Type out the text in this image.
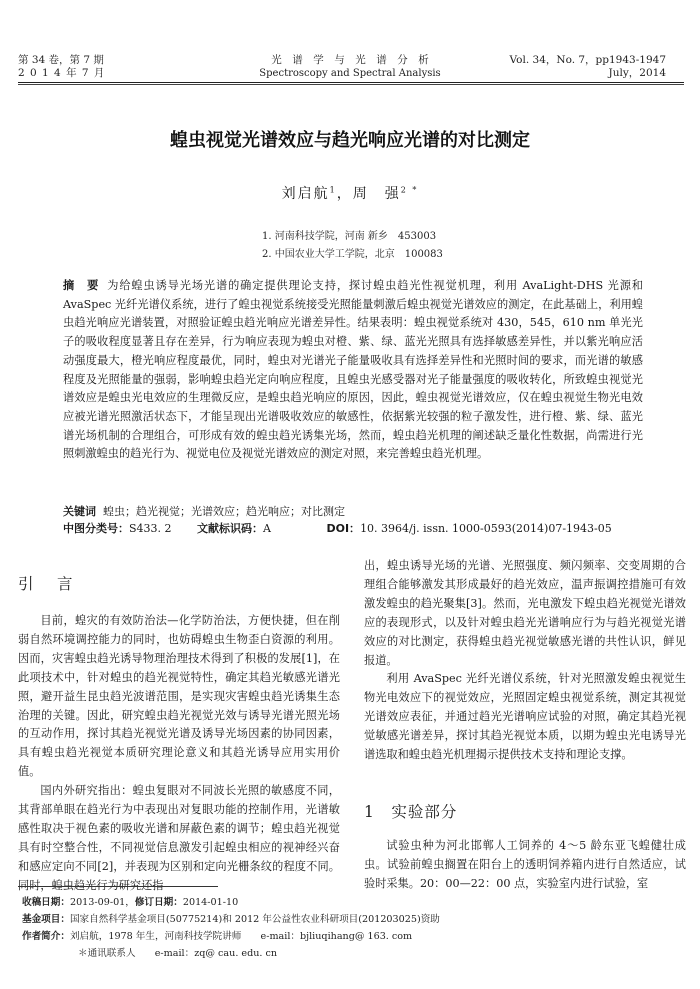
第 34 卷，第 7 期
2 0 1 4 年 7 月
光　谱　学　与　光　谱　分　析
Spectroscopy and Spectral Analysis
Vol. 34，No. 7，pp1943-1947
July，2014
蝗虫视觉光谱效应与趋光响应光谱的对比测定
刘启航$^1$，周　强$^{2 *}$
1. 河南科技学院，河南 新乡　453003
2. 中国农业大学工学院，北京　100083
摘　要 为给蝗虫诱导光场光谱的确定提供理论支持，探讨蝗虫趋光性视觉机理，利用 AvaLight-DHS 光源和 AvaSpec 光纤光谱仪系统，进行了蝗虫视觉系统接受光照能量刺激后蝗虫视觉光谱效应的测定，在此基础上，利用蝗虫趋光响应光谱装置，对照验证蝗虫趋光响应光谱差异性。结果表明：蝗虫视觉系统对 430，545，610 nm 单光光子的吸收程度显著且存在差异，行为响应表现为蝗虫对橙、紫、绿、蓝光光照具有选择敏感差异性，并以紫光响应活动强度最大，橙光响应程度最优，同时，蝗虫对光谱光子能量吸收具有选择差异性和光照时间的要求，而光谱的敏感程度及光照能量的强弱，影响蝗虫趋光定向响应程度，且蝗虫光感受器对光子能量强度的吸收转化，所致蝗虫视觉光谱效应是蝗虫光电效应的生理微反应，是蝗虫趋光响应的原因，因此，蝗虫视觉光谱效应，仅在蝗虫视觉生物光电效应被光谱光照激活状态下，才能呈现出光谱吸收效应的敏感性，依据紫光较强的粒子激发性，进行橙、紫、绿、蓝光谱光场机制的合理组合，可形成有效的蝗虫趋光诱集光场，然而，蝗虫趋光机理的阐述缺乏量化性数据，尚需进行光照刺激蝗虫的趋光行为、视觉电位及视觉光谱效应的测定对照，来完善蝗虫趋光机理。
关键词 蝗虫；趋光视觉；光谱效应；趋光响应；对比测定
中图分类号：S433. 2 文献标识码：A	DOI：10. 3964/j. issn. 1000-0593(2014)07-1943-05
引　言

目前，蝗灾的有效防治法—化学防治法，方便快捷，但在削弱自然环境调控能力的同时，也妨碍蝗虫生物歪白资源的利用。因而，灾害蝗虫趋光诱导物理治理技术得到了积极的发展[1]，在此项技术中，针对蝗虫的趋光视觉特性，确定其趋光敏感光谱光照，避开益生昆虫趋光波谱范围，是实现灾害蝗虫趋光诱集生态治理的关键。因此，研究蝗虫趋光视觉光效与诱导光谱光照光场的互动作用，探讨其趋光视觉光谱及诱导光场因素的协同因素，具有蝗虫趋光视觉本质研究理论意义和其趋光诱导应用实用价值。

国内外研究指出：蝗虫复眼对不同波长光照的敏感度不同，其背部单眼在趋光行为中表现出对复眼功能的控制作用，光谱敏感性取决于视色素的吸收光谱和屏蔽色素的调节；蝗虫趋光视觉具有时空整合性，不同视觉信息激发引起蝗虫相应的视神经兴奋和感应定向不同[2]，并表现为区别和定向光栅条纹的程度不同。同时，蝗虫趋光行为研究还指

出，蝗虫诱导光场的光谱、光照强度、频闪频率、交变周期的合理组合能够激发其形成最好的趋光效应，温声振调控措施可有效激发蝗虫的趋光聚集[3]。然而，光电激发下蝗虫趋光视觉光谱效应的表现形式，以及针对蝗虫趋光光谱响应行为与趋光视觉光谱效应的对比测定，获得蝗虫趋光视觉敏感光谱的共性认识，鲜见报道。

利用 AvaSpec 光纤光谱仪系统，针对光照激发蝗虫视觉生物光电效应下的视觉效应，光照固定蝗虫视觉系统，测定其视觉光谱效应表征，并通过趋光光谱响应试验的对照，确定其趋光视觉敏感光谱差异，探讨其趋光视觉本质，以期为蝗虫光电诱导光谱选取和蝗虫趋光机理揭示提供技术支持和理论支撑。

1　实验部分

试验虫种为河北邯郸人工饲养的 4～5 龄东亚飞蝗健壮成虫。试验前蝗虫搁置在阳台上的透明饲养箱内进行自然适应，试验时采集。20：00—22：00 点，实验室内进行试验，室

收稿日期：2013-09-01，修订日期：2014-01-10
基金项目：国家自然科学基金项目(50775214)和 2012 年公益性农业科研项目(201203025)资助
作者简介：刘启航，1978 年生，河南科技学院讲师　　e-mail：bjliuqihang@ 163. com
＊通讯联系人　　e-mail：zq@ cau. edu. cn
